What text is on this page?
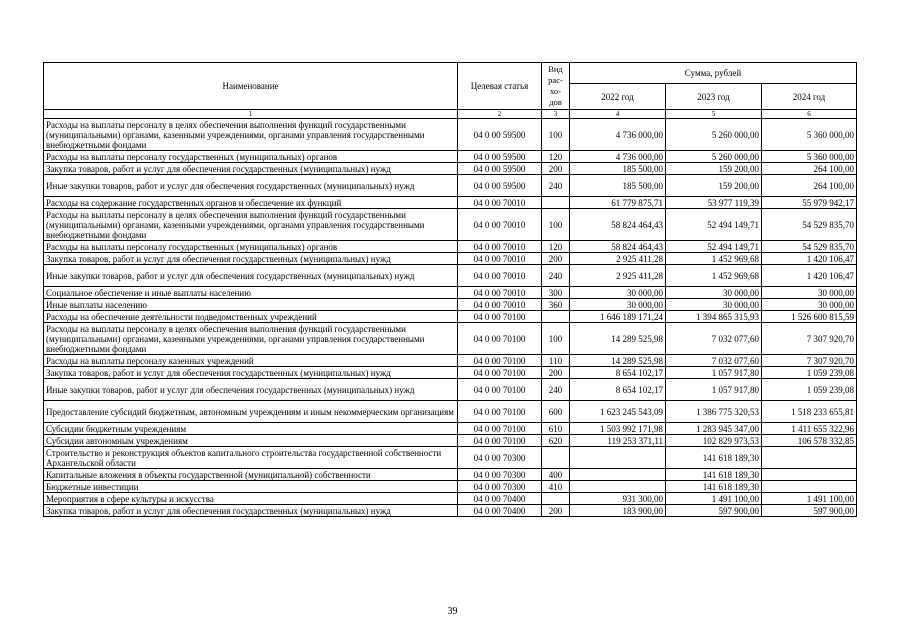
Наименование	Целевая статья	Вид рас- хо- дов	Сумма, рублей		
			2022 год	2023 год	2024 год
1	2	3	4	5	6
Расходы на выплаты персоналу в целях обеспечения выполнения функций государственными (муниципальными) органами, казенными учреждениями, органами управления государственными внебюджетными фондами	04 0 00 59500	100	4 736 000,00	5 260 000,00	5 360 000,00
Расходы на выплаты персоналу государственных (муниципальных) органов	04 0 00 59500	120	4 736 000,00	5 260 000,00	5 360 000,00
Закупка товаров, работ и услуг для обеспечения государственных (муниципальных) нужд	04 0 00 59500	200	185 500,00	159 200,00	264 100,00
Иные закупки товаров, работ и услуг для обеспечения государственных (муниципальных) нужд	04 0 00 59500	240	185 500,00	159 200,00	264 100,00
Расходы на содержание государственных органов и обеспечение их функций	04 0 00 70010		61 779 875,71	53 977 119,39	55 979 942,17
Расходы на выплаты персоналу в целях обеспечения выполнения функций государственными (муниципальными) органами, казенными учреждениями, органами управления государственными внебюджетными фондами	04 0 00 70010	100	58 824 464,43	52 494 149,71	54 529 835,70
Расходы на выплаты персоналу государственных (муниципальных) органов	04 0 00 70010	120	58 824 464,43	52 494 149,71	54 529 835,70
Закупка товаров, работ и услуг для обеспечения государственных (муниципальных) нужд	04 0 00 70010	200	2 925 411,28	1 452 969,68	1 420 106,47
Иные закупки товаров, работ и услуг для обеспечения государственных (муниципальных) нужд	04 0 00 70010	240	2 925 411,28	1 452 969,68	1 420 106,47
Социальное обеспечение и иные выплаты населению	04 0 00 70010	300	30 000,00	30 000,00	30 000,00
Иные выплаты населению	04 0 00 70010	360	30 000,00	30 000,00	30 000,00
Расходы на обеспечение деятельности подведомственных учреждений	04 0 00 70100		1 646 189 171,24	1 394 865 315,93	1 526 600 815,59
Расходы на выплаты персоналу в целях обеспечения выполнения функций государственными (муниципальными) органами, казенными учреждениями, органами управления государственными внебюджетными фондами	04 0 00 70100	100	14 289 525,98	7 032 077,60	7 307 920,70
Расходы на выплаты персоналу казенных учреждений	04 0 00 70100	110	14 289 525,98	7 032 077,60	7 307 920,70
Закупка товаров, работ и услуг для обеспечения государственных (муниципальных) нужд	04 0 00 70100	200	8 654 102,17	1 057 917,80	1 059 239,08
Иные закупки товаров, работ и услуг для обеспечения государственных (муниципальных) нужд	04 0 00 70100	240	8 654 102,17	1 057 917,80	1 059 239,08
Предоставление субсидий бюджетным, автономным учреждениям и иным некоммерческим организациям	04 0 00 70100	600	1 623 245 543,09	1 386 775 320,53	1 518 233 655,81
Субсидии бюджетным учреждениям	04 0 00 70100	610	1 503 992 171,98	1 283 945 347,00	1 411 655 322,96
Субсидии автономным учреждениям	04 0 00 70100	620	119 253 371,11	102 829 973,53	106 578 332,85
Строительство и реконструкция объектов капитального строительства государственной собственности Архангельской области	04 0 00 70300			141 618 189,30	
Капитальные вложения в объекты государственной (муниципальной) собственности	04 0 00 70300	400		141 618 189,30	
Бюджетные инвестиции	04 0 00 70300	410		141 618 189,30	
Мероприятия в сфере культуры и искусства	04 0 00 70400		931 300,00	1 491 100,00	1 491 100,00
Закупка товаров, работ и услуг для обеспечения государственных (муниципальных) нужд	04 0 00 70400	200	183 900,00	597 900,00	597 900,00
39
